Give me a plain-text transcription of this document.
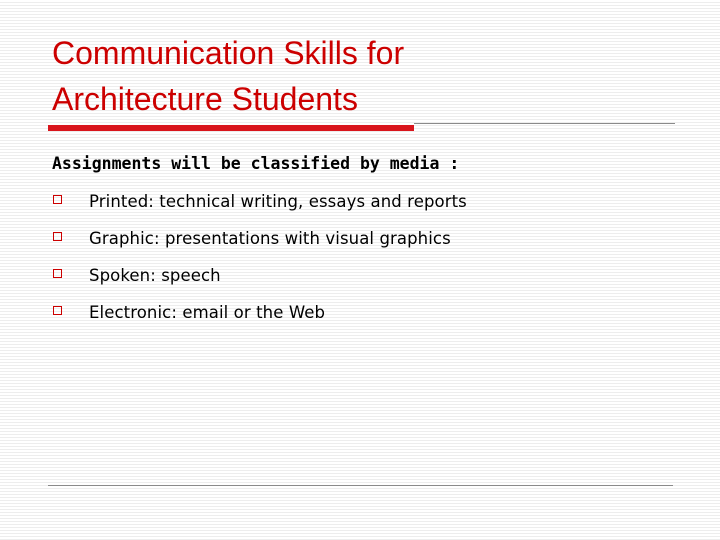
Communication Skills for
Architecture Students

Assignments will be classified by media :

Printed: technical writing, essays and reports
Graphic: presentations with visual graphics
Spoken: speech
Electronic: email or the Web
